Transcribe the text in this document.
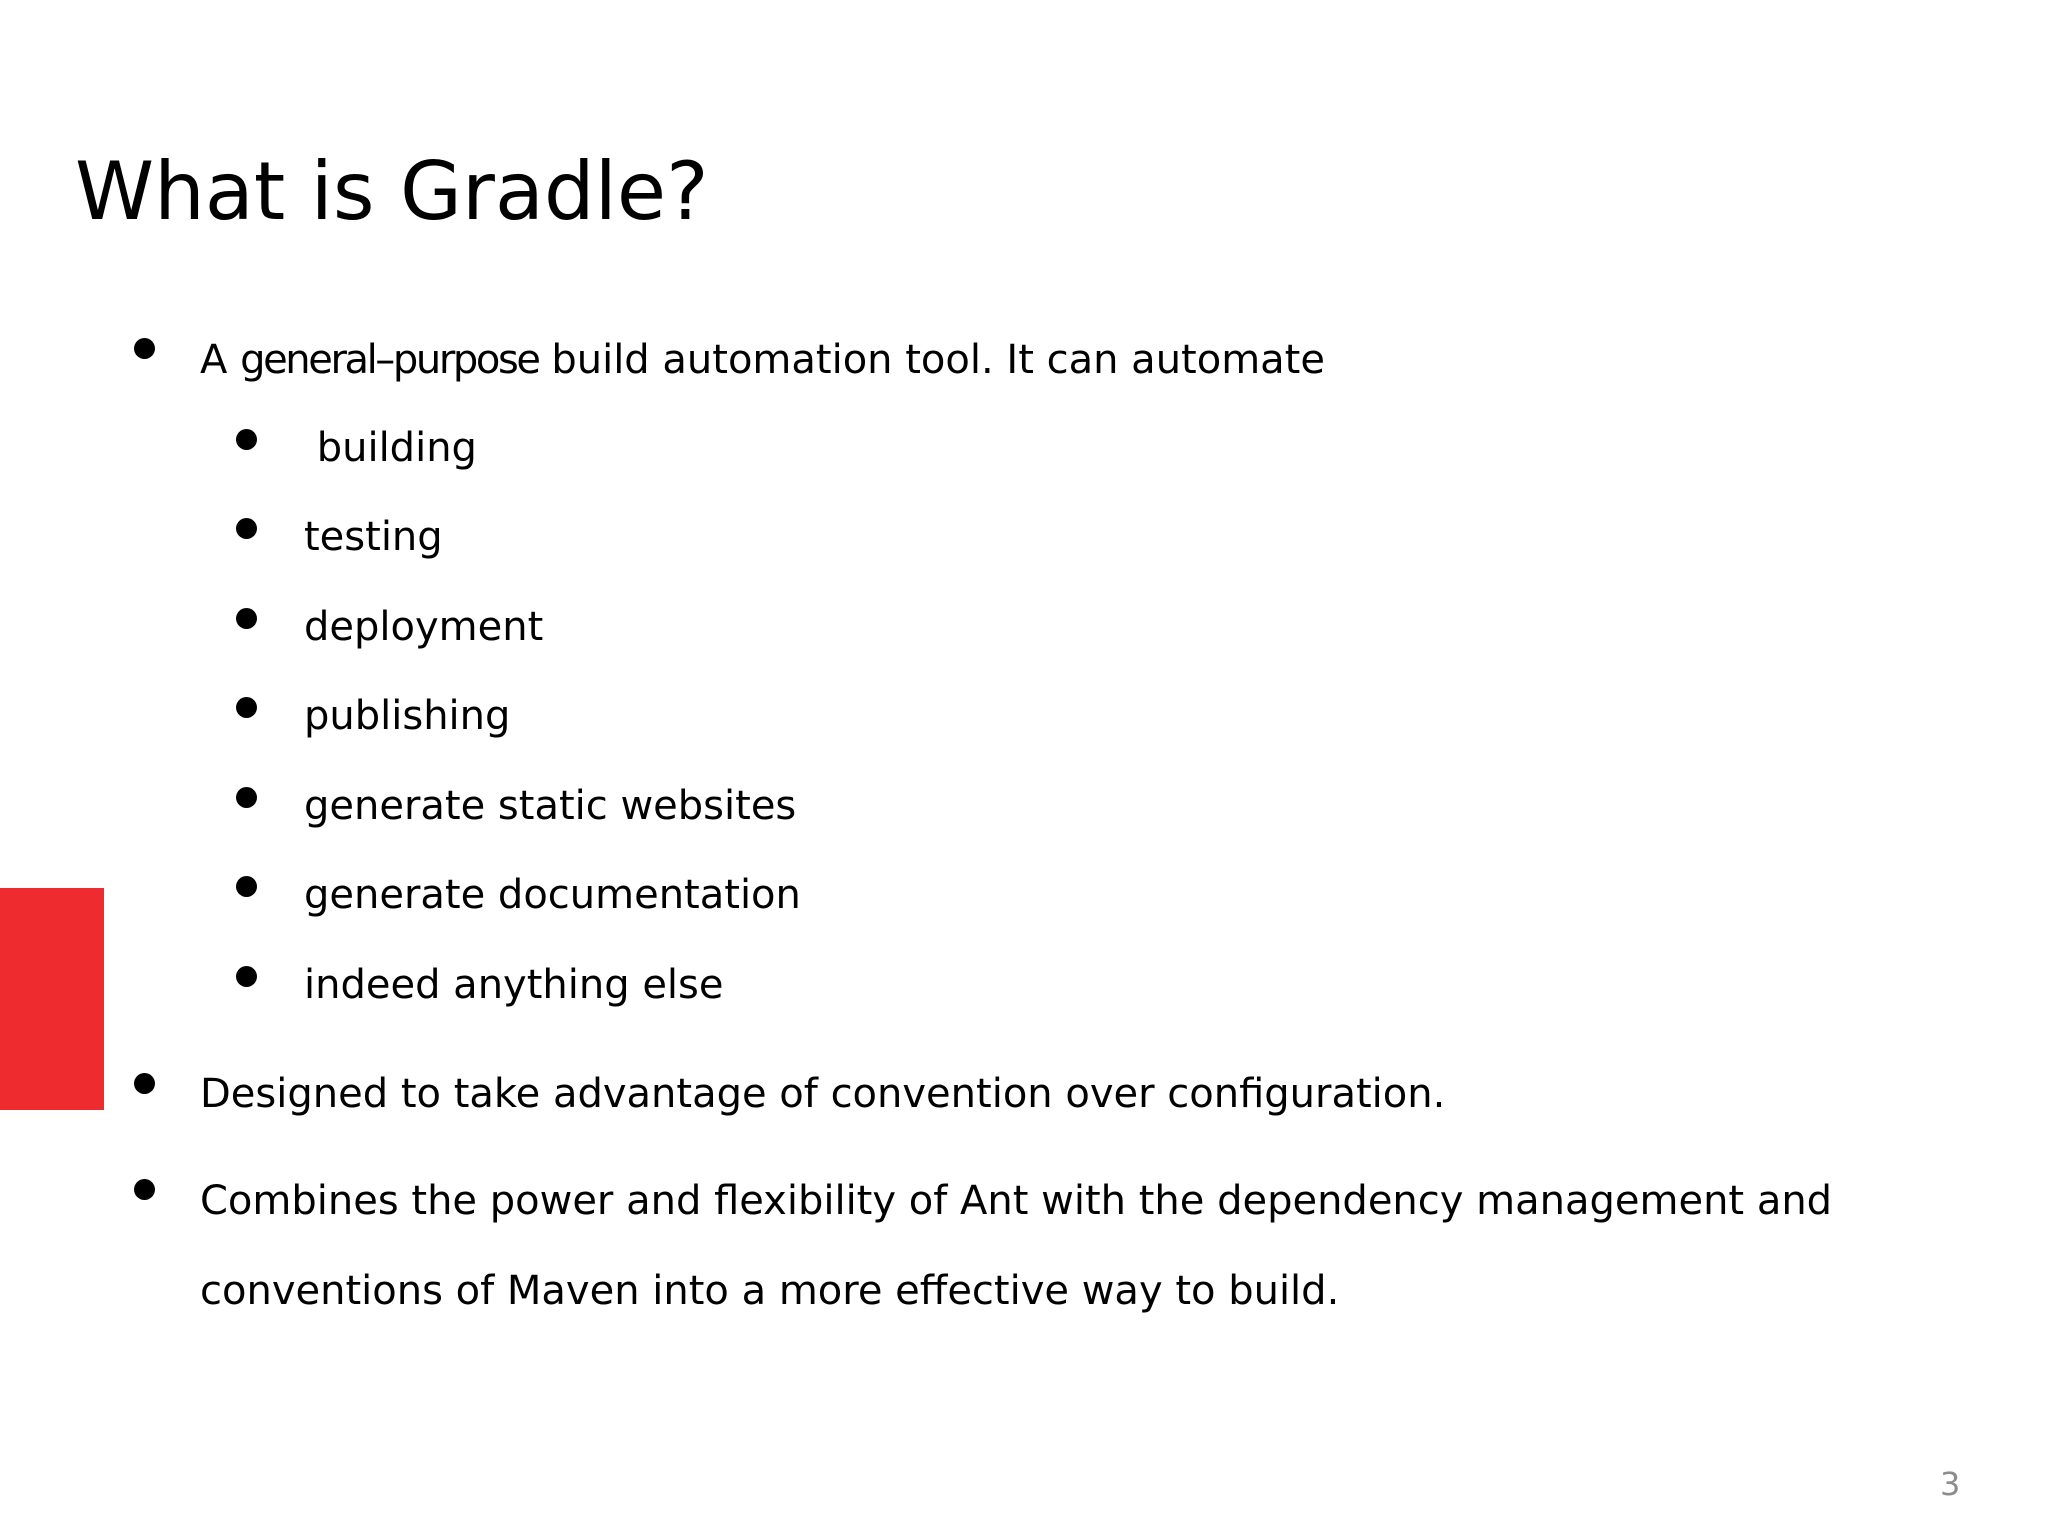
What is Gradle?
A general–purpose build automation tool. It can automate
building
testing
deployment
publishing
generate static websites
generate documentation
indeed anything else
Designed to take advantage of convention over configuration.
Combines the power and flexibility of Ant with the dependency management and
conventions of Maven into a more effective way to build.
3
